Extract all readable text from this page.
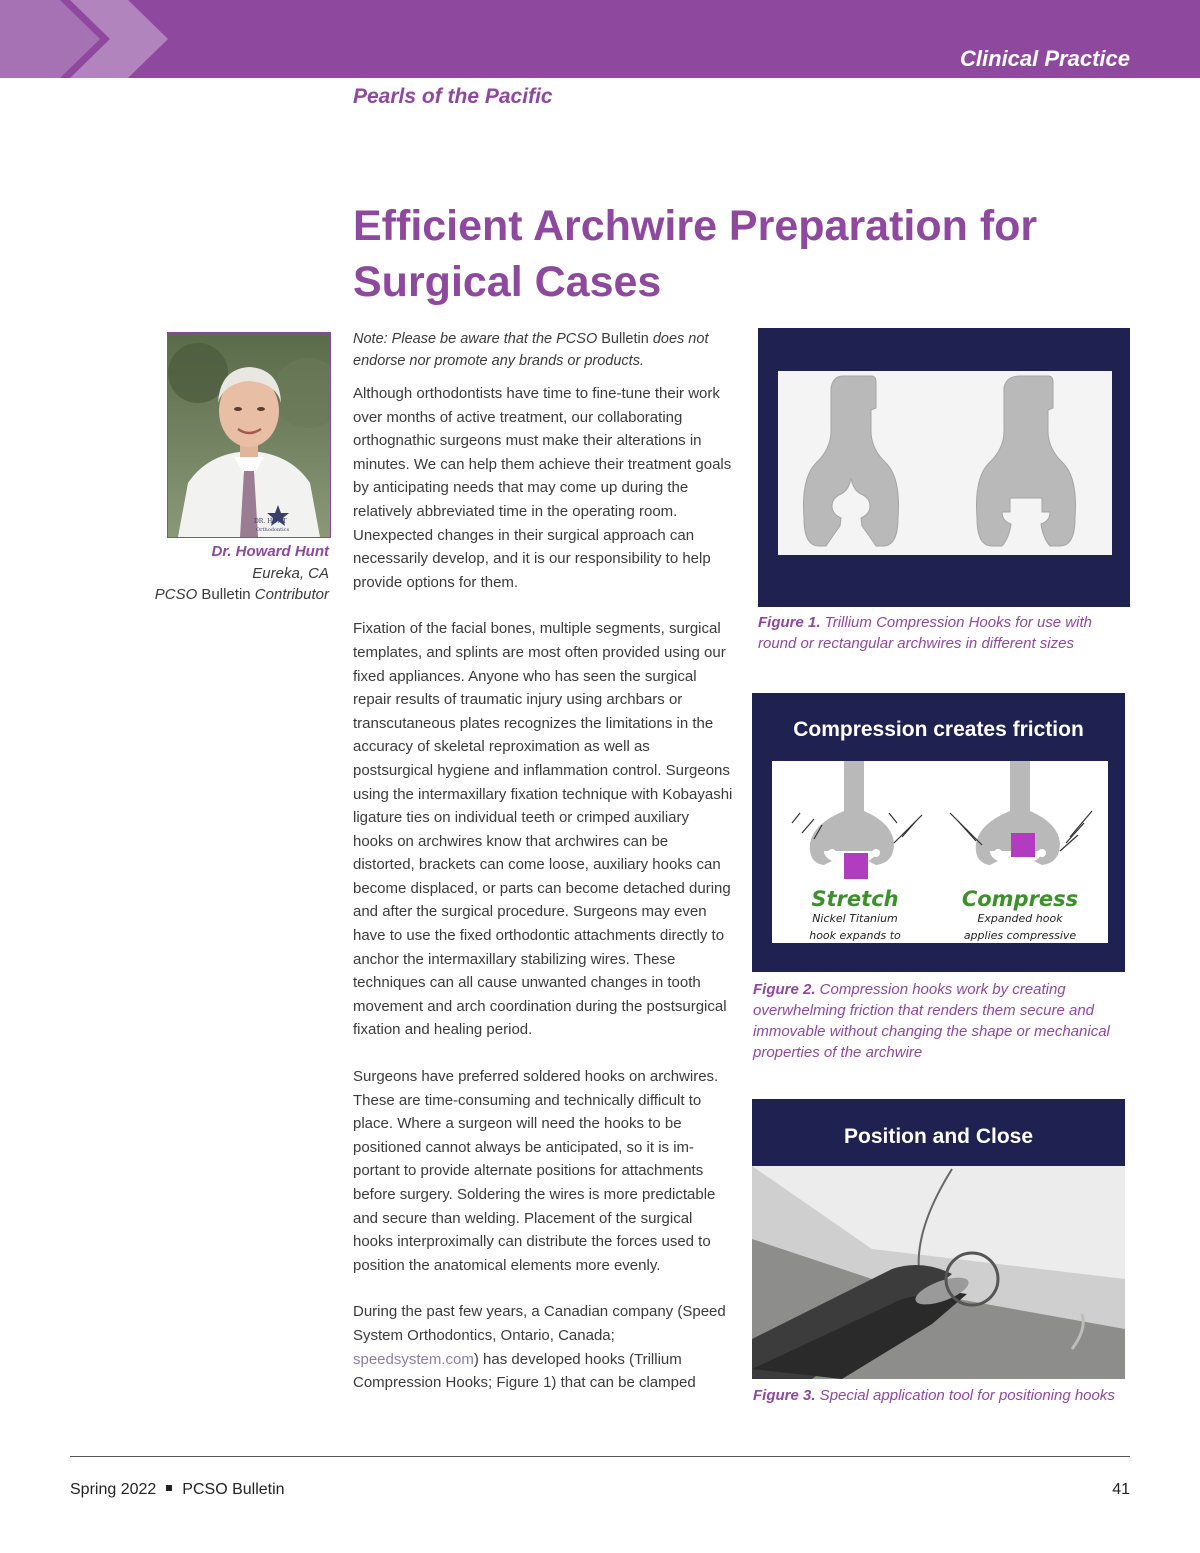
Clinical Practice
Pearls of the Pacific
Efficient Archwire Preparation for
Surgical Cases
DR. HUNT
Orthodontics
Dr. Howard Hunt
Eureka, CA
PCSO Bulletin Contributor

Note: Please be aware that the PCSO Bulletin does not endorse nor promote any brands or products.

Although orthodontists have time to fine-tune their work over months of active treatment, our collaborating orthognathic surgeons must make their alterations in minutes. We can help them achieve their treatment goals by anticipating needs that may come up during the relatively abbreviated time in the operating room. Unexpected changes in their surgical approach can necessarily develop, and it is our responsibility to help provide options for them.

Fixation of the facial bones, multiple segments, surgical templates, and splints are most often provided using our fixed appliances. Anyone who has seen the surgical repair results of traumatic injury using archbars or transcutaneous plates recognizes the limitations in the accuracy of skeletal reproximation as well as postsurgical hygiene and inflammation control. Surgeons using the intermaxillary fixation technique with Kobayashi ligature ties on individual teeth or crimped auxiliary hooks on archwires know that archwires can be distorted, brackets can come loose, auxiliary hooks can become displaced, or parts can become detached during and after the surgical procedure. Surgeons may even have to use the fixed orthodontic attachments directly to anchor the intermaxillary stabilizing wires. These techniques can all cause unwanted changes in tooth movement and arch coordination during the postsurgical fixation and healing period.

Surgeons have preferred soldered hooks on archwires. These are time-consuming and technically difficult to place. Where a surgeon will need the hooks to be positioned cannot always be anticipated, so it is important to provide alternate positions for attachments before surgery. Soldering the wires is more predictable and secure than welding. Placement of the surgical hooks interproximally can distribute the forces used to position the anatomical elements more evenly.

During the past few years, a Canadian company (Speed System Orthodontics, Ontario, Canada; speedsystem.com) has developed hooks (Trillium Compression Hooks; Figure 1) that can be clamped

Figure 1. Trillium Compression Hooks for use with round or rectangular archwires in different sizes
Compression creates friction
Stretch	Compress
Nickel Titanium
hook expands to
Expanded hook
applies compressive
Figure 2. Compression hooks work by creating overwhelming friction that renders them secure and immovable without changing the shape or mechanical properties of the archwire
Position and Close
Figure 3. Special application tool for positioning hooks
Spring 2022 PCSO Bulletin	41
